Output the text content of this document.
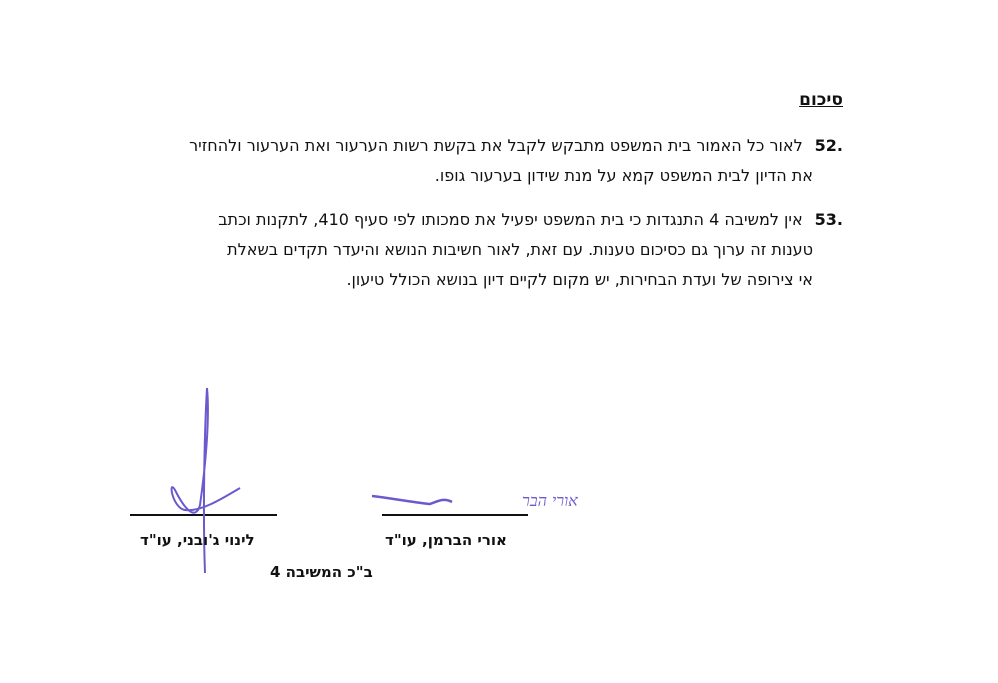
סיכום
52.לאור כל האמור בית המשפט מתבקש לקבל את בקשת רשות הערעור ואת הערעור ולהחזיר
את הדיון לבית המשפט קמא על מנת שידון בערעור גופו.
53.אין למשיבה 4 התנגדות כי בית המשפט יפעיל את סמכותו לפי סעיף 410, לתקנות וכתב
טענות זה ערוך גם כסיכום טענות. עם זאת, לאור חשיבות הנושא והיעדר תקדים בשאלת
אי צירופה של ועדת הבחירות, יש מקום לקיים דיון בנושא הכולל טיעון.
אורי הבר
לינוי ג'ובני, עו"ד	אורי הברמן, עו"ד
ב"כ המשיבה 4
